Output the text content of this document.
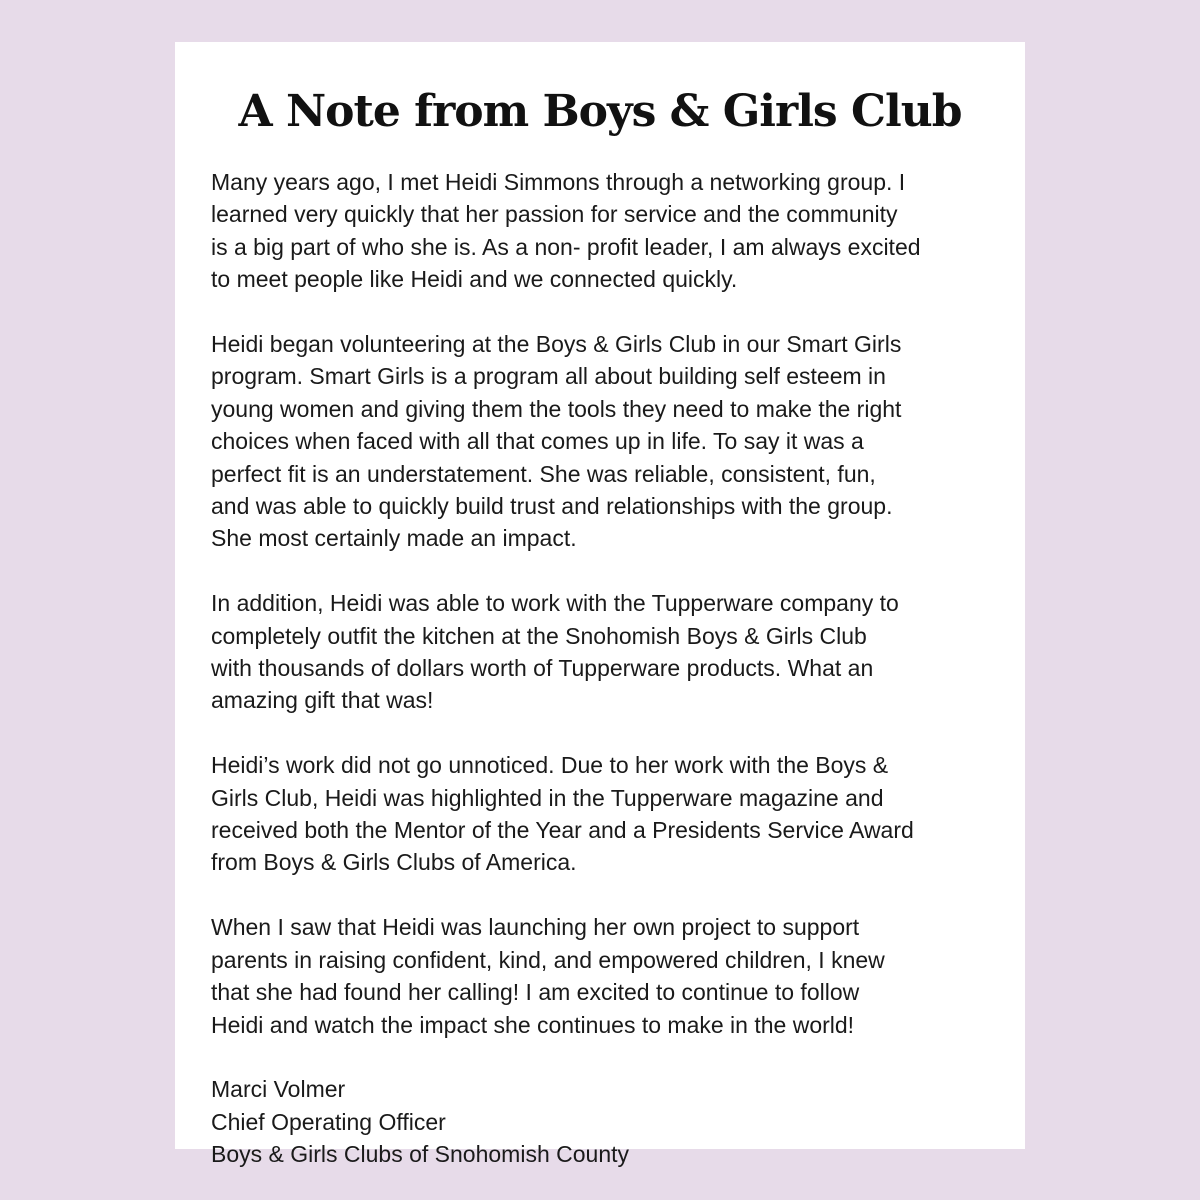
A Note from Boys & Girls Club

Many years ago, I met Heidi Simmons through a networking group. I
learned very quickly that her passion for service and the community
is a big part of who she is. As a non- profit leader, I am always excited
to meet people like Heidi and we connected quickly.

Heidi began volunteering at the Boys & Girls Club in our Smart Girls
program. Smart Girls is a program all about building self esteem in
young women and giving them the tools they need to make the right
choices when faced with all that comes up in life. To say it was a
perfect fit is an understatement. She was reliable, consistent, fun,
and was able to quickly build trust and relationships with the group.
She most certainly made an impact.

In addition, Heidi was able to work with the Tupperware company to
completely outfit the kitchen at the Snohomish Boys & Girls Club
with thousands of dollars worth of Tupperware products. What an
amazing gift that was!

Heidi’s work did not go unnoticed. Due to her work with the Boys &
Girls Club, Heidi was highlighted in the Tupperware magazine and
received both the Mentor of the Year and a Presidents Service Award
from Boys & Girls Clubs of America.

When I saw that Heidi was launching her own project to support
parents in raising confident, kind, and empowered children, I knew
that she had found her calling! I am excited to continue to follow
Heidi and watch the impact she continues to make in the world!

Marci Volmer
Chief Operating Officer
Boys & Girls Clubs of Snohomish County
